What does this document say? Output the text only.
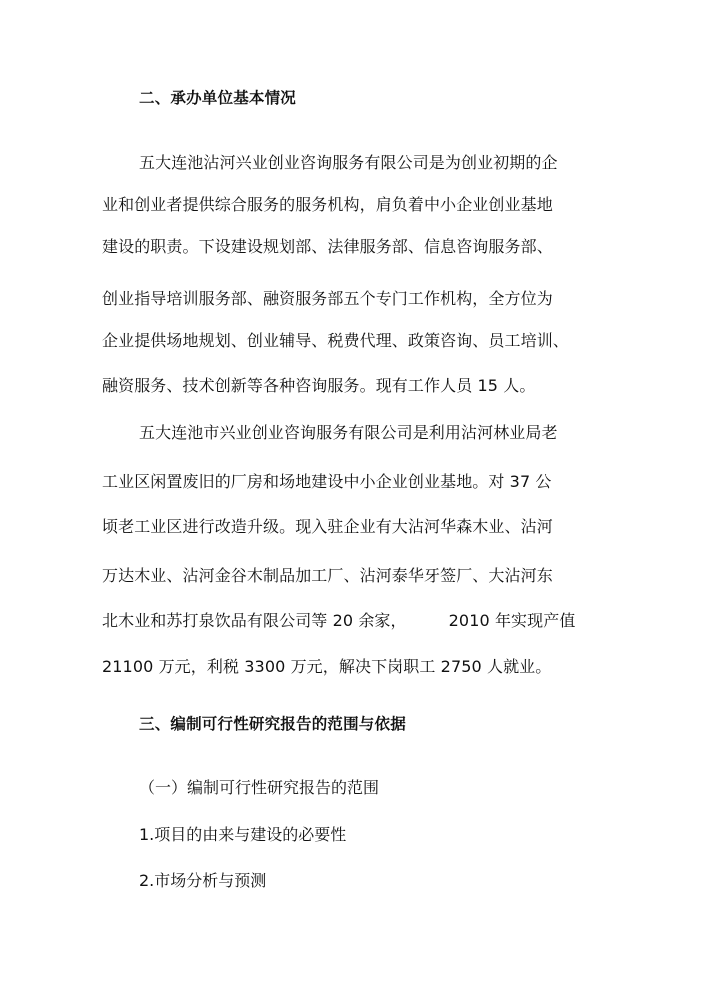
二、承办单位基本情况
五大连池沾河兴业创业咨询服务有限公司是为创业初期的企
业和创业者提供综合服务的服务机构，肩负着中小企业创业基地
建设的职责。下设建设规划部、法律服务部、信息咨询服务部、
创业指导培训服务部、融资服务部五个专门工作机构，全方位为
企业提供场地规划、创业辅导、税费代理、政策咨询、员工培训、
融资服务、技术创新等各种咨询服务。现有工作人员 15 人。
五大连池市兴业创业咨询服务有限公司是利用沾河林业局老
工业区闲置废旧的厂房和场地建设中小企业创业基地。对 37 公
顷老工业区进行改造升级。现入驻企业有大沾河华森木业、沾河
万达木业、沾河金谷木制品加工厂、沾河泰华牙签厂、大沾河东
北木业和苏打泉饮品有限公司等 20 余家，	2010 年实现产值
21100 万元，利税 3300 万元，解决下岗职工 2750 人就业。
三、编制可行性研究报告的范围与依据
（一）编制可行性研究报告的范围
1.项目的由来与建设的必要性
2.市场分析与预测
